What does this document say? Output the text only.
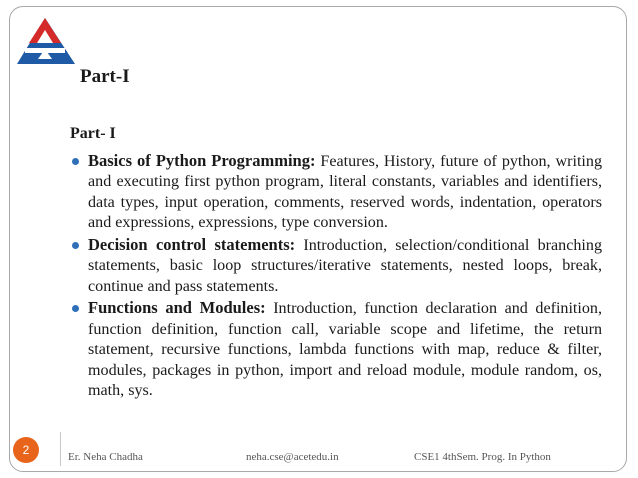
Part-I
Part- I
Basics of Python Programming: Features, History, future of python, writing and executing first python program, literal constants, variables and identifiers, data types, input operation, comments, reserved words, indentation, operators and expressions, expressions, type conversion.
Decision control statements: Introduction, selection/conditional branching statements, basic loop structures/iterative statements, nested loops, break, continue and pass statements.
Functions and Modules: Introduction, function declaration and definition, function definition, function call, variable scope and lifetime, the return statement, recursive functions, lambda functions with map, reduce & filter, modules, packages in python, import and reload module, module random, os, math, sys.
2	Er. Neha Chadha	neha.cse@acetedu.in	CSE1 4thSem. Prog. In Python
